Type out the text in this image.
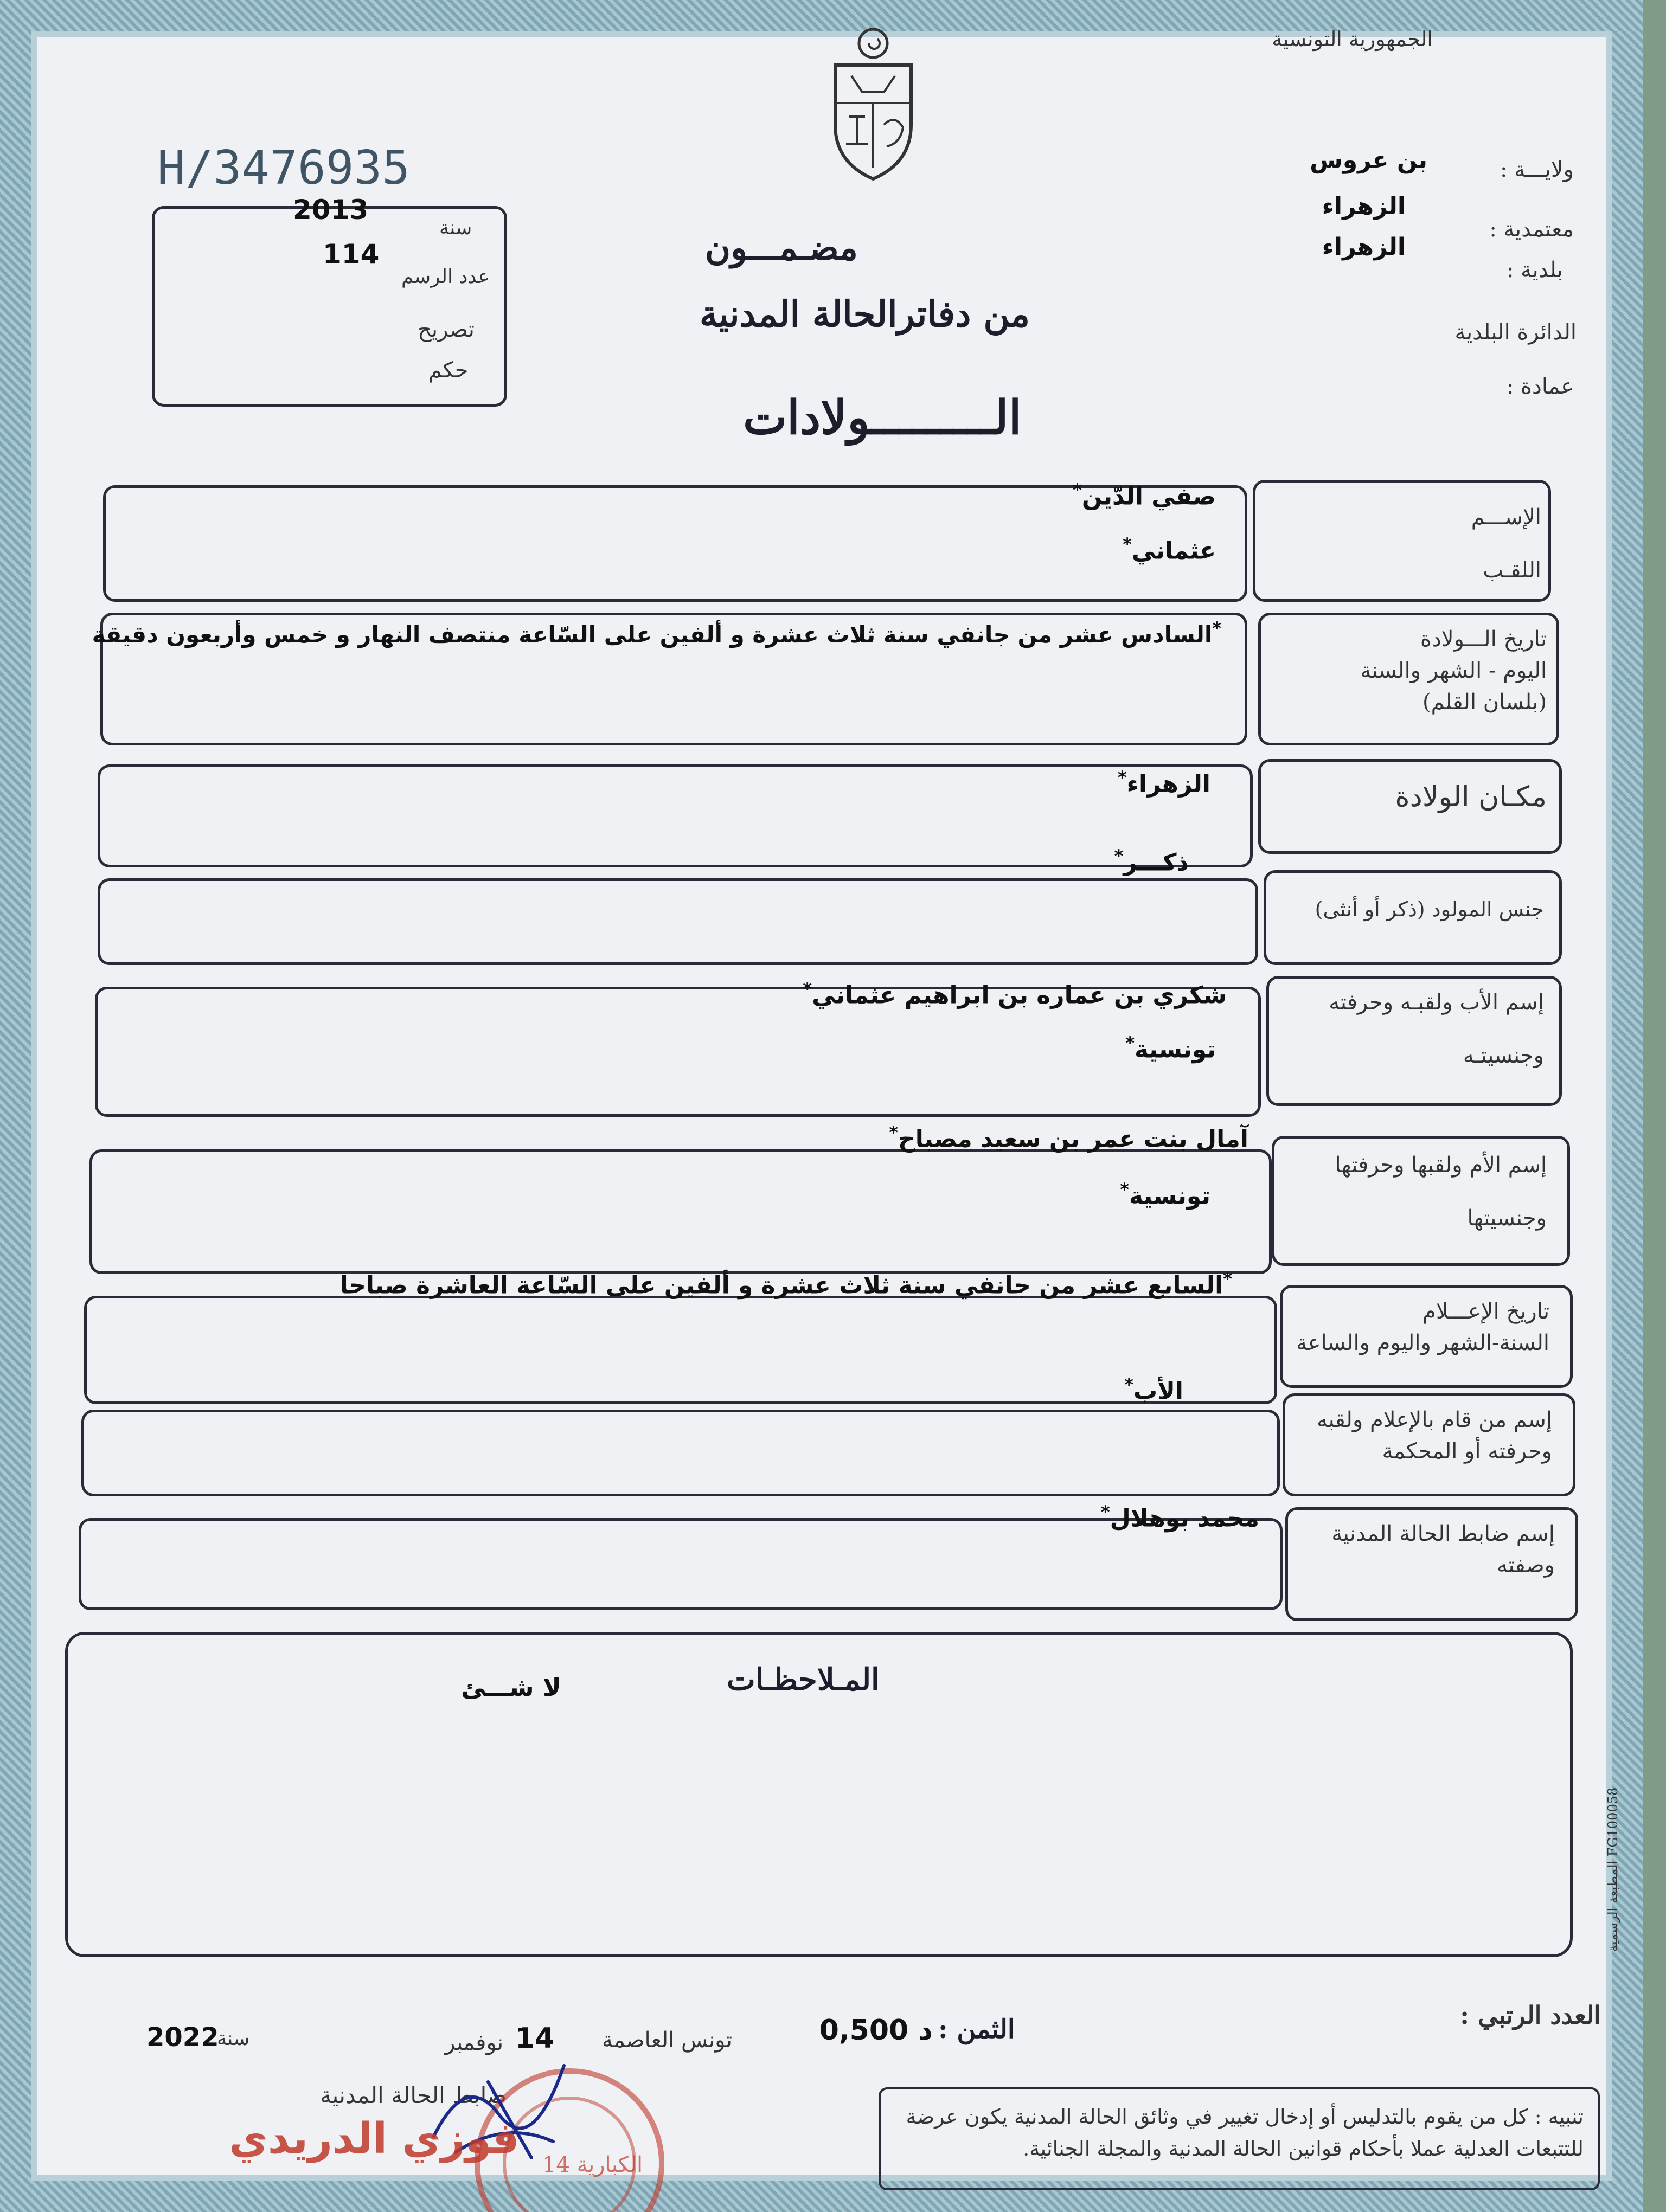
الجمهورية التونسية
H/3476935
2013
سنة
114
عدد الرسم
تصريح
حكم
ولايـــة :
بن عروس
معتمدية :
الزهراء
بلدية :
الزهراء
الدائرة البلدية
عمادة :
مضـمـــون
من دفاترالحالة المدنية
الـــــــــولادات
الإســـم
اللقـب
صفي الدّين*
عثماني*
تاريخ الـــولادة
اليوم - الشهر والسنة
(بلسان القلم)
*السادس عشر من جانفي سنة ثلاث عشرة و ألفين على السّاعة منتصف النهار و خمس وأربعون دقيقة
مكـان الولادة
الزهراء*
جنس المولود (ذكر أو أنثى)
ذكـــر*
إسم الأب ولقبـه وحرفته
وجنسيتـه
شكري بن عماره بن ابراهيم عثماني*
تونسية*
إسم الأم ولقبها وحرفتها
وجنسيتها
آمال بنت عمر بن سعيد مصباح*
تونسية*
تاريخ الإعـــلام
السنة-الشهر واليوم والساعة
*السابع عشر من جانفي سنة ثلاث عشرة و ألفين على السّاعة العاشرة صباحا
إسم من قام بالإعلام ولقبه
وحرفته أو المحكمة
الأب*
إسم ضابط الحالة المدنية
وصفته
محمد بوهلال*
المـلاحظـات
لا شـــئ
المطبعة الرسمية FG100058
العدد الرتبي :
الثمن :
0,500 د
تونس العاصمة
14
نوفمبر
سنة
2022
ضابط الحالة المدنية
الكبارية 14
فوزي الدريدي	تنبيه : كل من يقوم بالتدليس أو إدخال تغيير في وثائق الحالة المدنية يكون عرضة للتتبعات العدلية عملا بأحكام قوانين الحالة المدنية والمجلة الجنائية.
